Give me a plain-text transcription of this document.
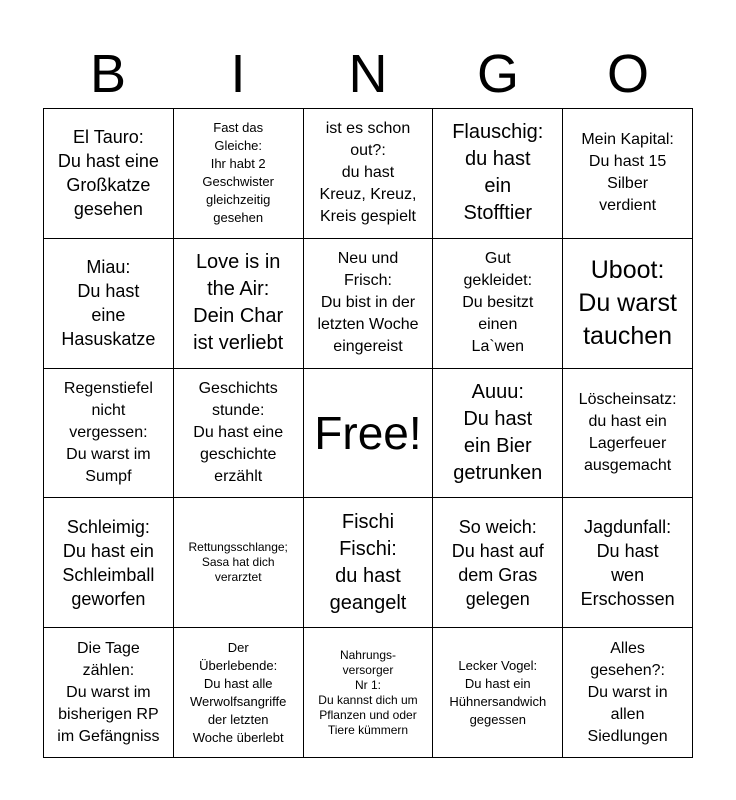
B	I	N	G	O
El Tauro:
Du hast eine
Großkatze
gesehen
Fast das
Gleiche:
Ihr habt 2
Geschwister
gleichzeitig
gesehen
ist es schon
out?:
du hast
Kreuz, Kreuz,
Kreis gespielt
Flauschig:
du hast
ein
Stofftier
Mein Kapital:
Du hast 15
Silber
verdient
Miau:
Du hast
eine
Hasuskatze
Love is in
the Air:
Dein Char
ist verliebt
Neu und
Frisch:
Du bist in der
letzten Woche
eingereist
Gut
gekleidet:
Du besitzt
einen
La`wen
Uboot:
Du warst
tauchen
Regenstiefel
nicht
vergessen:
Du warst im
Sumpf
Geschichts
stunde:
Du hast eine
geschichte
erzählt
Free!
Auuu:
Du hast
ein Bier
getrunken
Löscheinsatz:
du hast ein
Lagerfeuer
ausgemacht
Schleimig:
Du hast ein
Schleimball
geworfen
Rettungsschlange;
Sasa hat dich
verarztet
Fischi
Fischi:
du hast
geangelt
So weich:
Du hast auf
dem Gras
gelegen
Jagdunfall:
Du hast
wen
Erschossen
Die Tage
zählen:
Du warst im
bisherigen RP
im Gefängniss
Der
Überlebende:
Du hast alle
Werwolfsangriffe
der letzten
Woche überlebt
Nahrungs-
versorger
Nr 1:
Du kannst dich um
Pflanzen und oder
Tiere kümmern
Lecker Vogel:
Du hast ein
Hühnersandwich
gegessen
Alles
gesehen?:
Du warst in
allen
Siedlungen
